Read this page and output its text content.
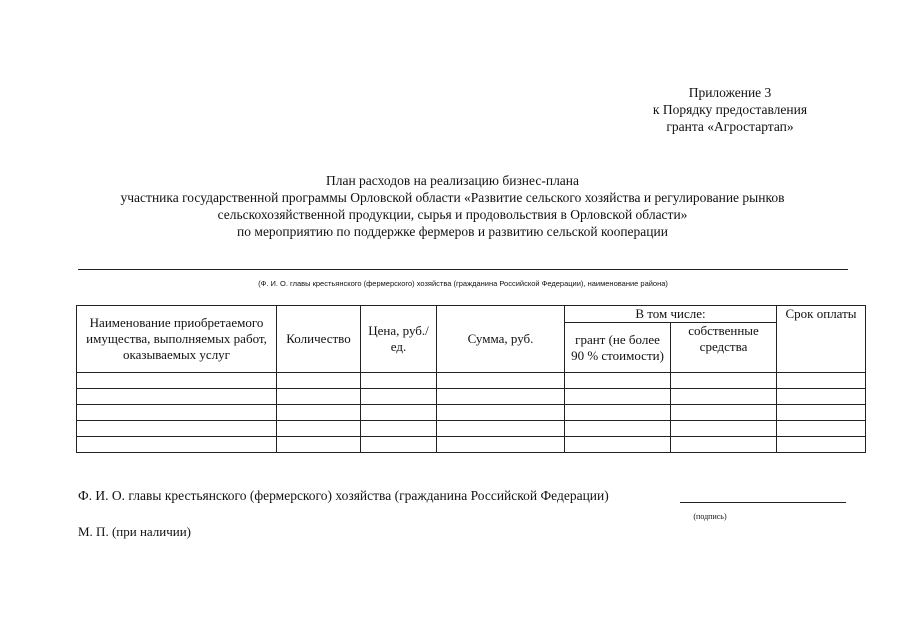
Приложение 3
к Порядку предоставления
гранта «Агростартап»
План расходов на реализацию бизнес-плана
участника государственной программы Орловской области «Развитие сельского хозяйства и регулирование рынков
сельскохозяйственной продукции, сырья и продовольствия в Орловской области»
по мероприятию по поддержке фермеров и развитию сельской кооперации
(Ф. И. О. главы крестьянского (фермерского) хозяйства (гражданина Российской Федерации), наименование района)
Наименование приобретаемого имущества, выполняемых работ, оказываемых услуг	Количество	Цена, руб./ед.	Сумма, руб.	В том числе:		Срок оплаты
				грант (не более 90 % стоимости)	собственные средства	

Ф. И. О. главы крестьянского (фермерского) хозяйства (гражданина Российской Федерации)
(подпись)
М. П. (при наличии)
